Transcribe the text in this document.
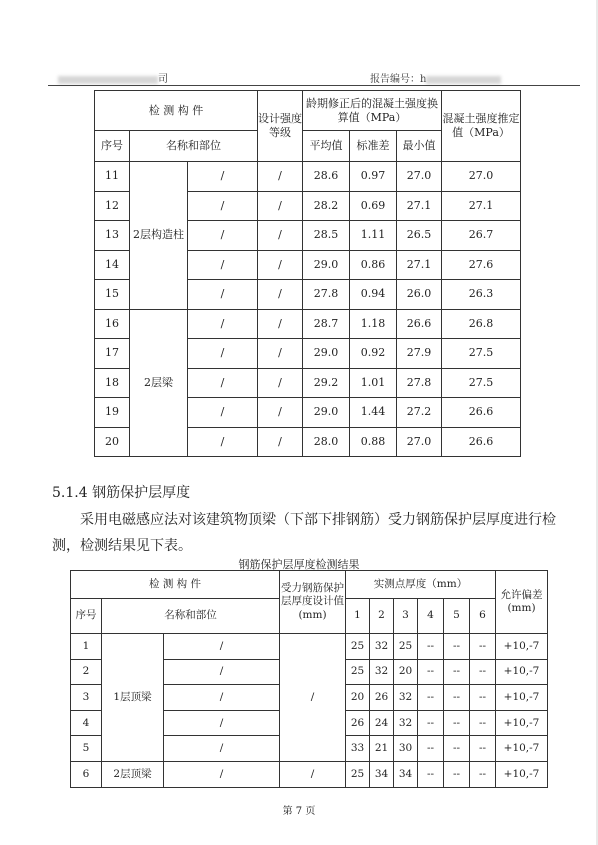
司	报告编号：h
检 测 构 件			设计强度等级	龄期修正后的混凝土强度换算值（MPa）			混凝土强度推定值（MPa）
序号	名称和部位			平均值	标准差	最小值	
11	2层构造柱	/	/	28.6	0.97	27.0	27.0
12		/	/	28.2	0.69	27.1	27.1
13		/	/	28.5	1.11	26.5	26.7
14		/	/	29.0	0.86	27.1	27.6
15		/	/	27.8	0.94	26.0	26.3
16	2层梁	/	/	28.7	1.18	26.6	26.8
17		/	/	29.0	0.92	27.9	27.5
18		/	/	29.2	1.01	27.8	27.5
19		/	/	29.0	1.44	27.2	26.6
20		/	/	28.0	0.88	27.0	26.6
5.1.4 钢筋保护层厚度
采用电磁感应法对该建筑物顶梁（下部下排钢筋）受力钢筋保护层厚度进行检
测，检测结果见下表。
钢筋保护层厚度检测结果
检 测 构 件			受力钢筋保护层厚度设计值(mm)	实测点厚度（mm）						允许偏差(mm)
序号	名称和部位			1	2	3	4	5	6	
1	1层顶梁	/	/	25	32	25	--	--	--	+10,-7
2		/		25	32	20	--	--	--	+10,-7
3		/		20	26	32	--	--	--	+10,-7
4		/		26	24	32	--	--	--	+10,-7
5		/		33	21	30	--	--	--	+10,-7
6	2层顶梁	/	/	25	34	34	--	--	--	+10,-7
第 7 页
